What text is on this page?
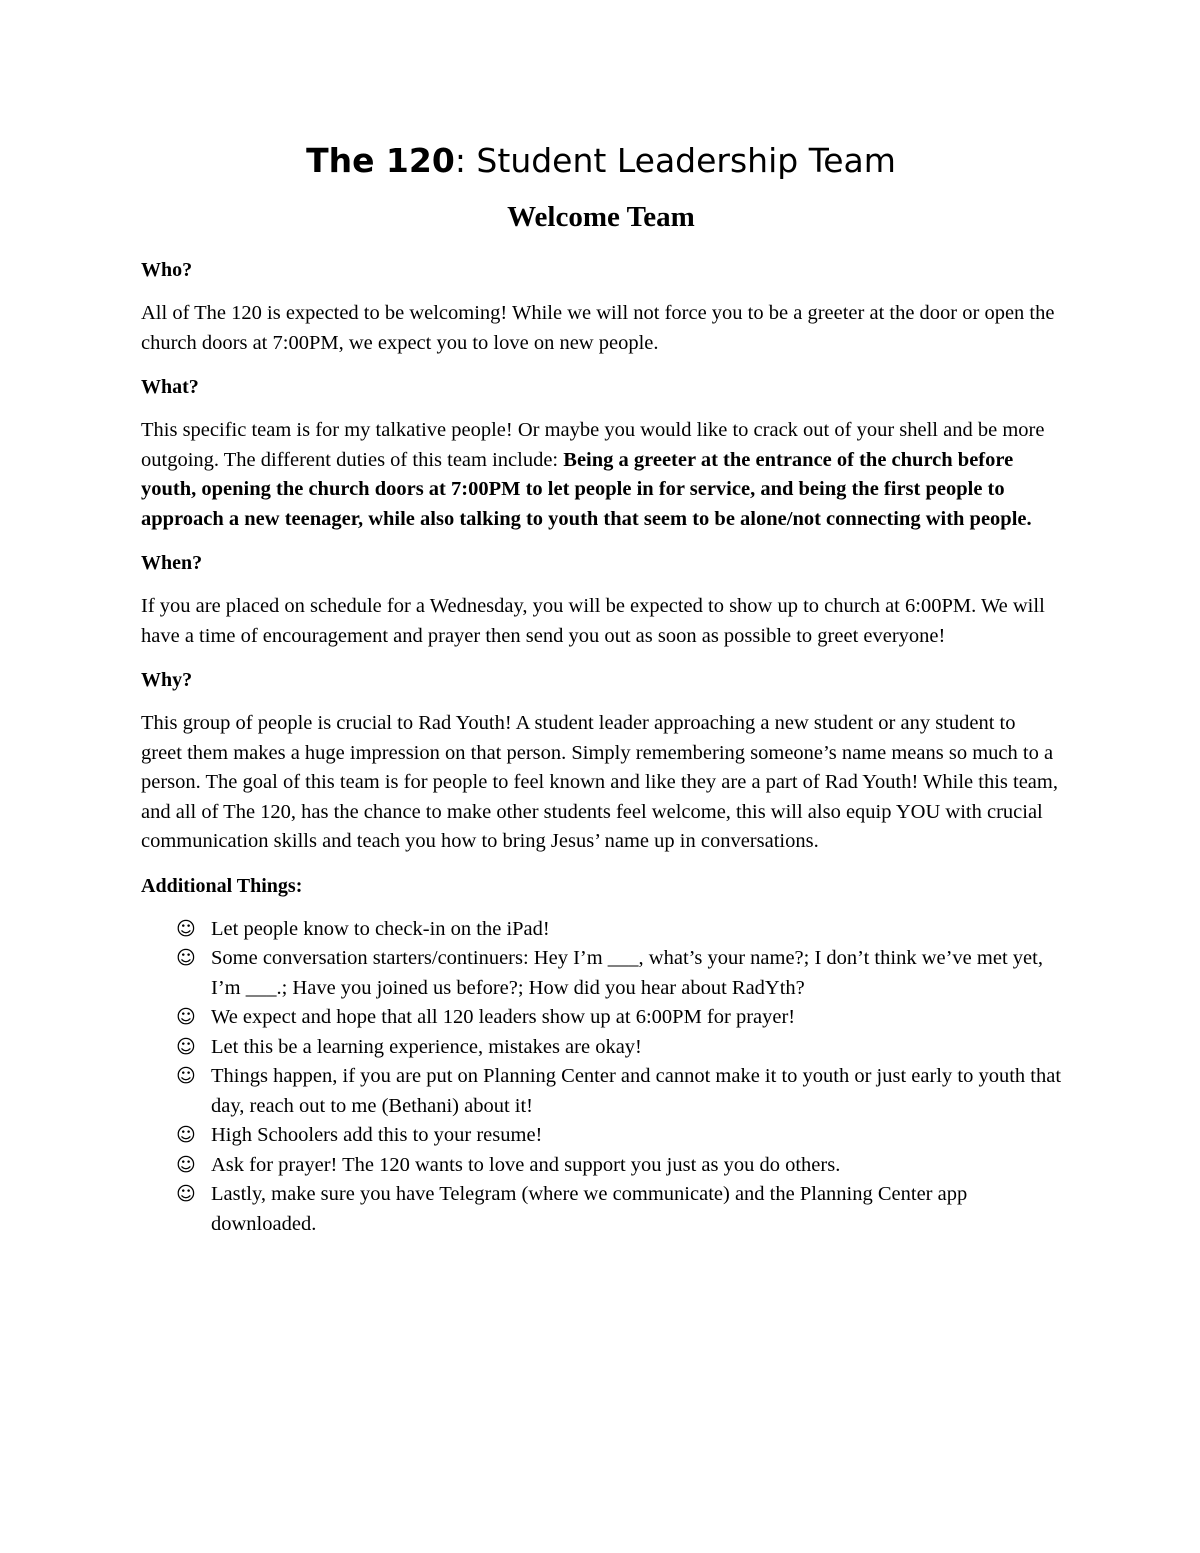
The 120: Student Leadership Team
Welcome Team
Who?

All of The 120 is expected to be welcoming! While we will not force you to be a greeter at the door or open the church doors at 7:00PM, we expect you to love on new people.

What?

This specific team is for my talkative people! Or maybe you would like to crack out of your shell and be more outgoing. The different duties of this team include: Being a greeter at the entrance of the church before youth, opening the church doors at 7:00PM to let people in for service, and being the first people to approach a new teenager, while also talking to youth that seem to be alone/not connecting with people.

When?

If you are placed on schedule for a Wednesday, you will be expected to show up to church at 6:00PM. We will have a time of encouragement and prayer then send you out as soon as possible to greet everyone!

Why?

This group of people is crucial to Rad Youth! A student leader approaching a new student or any student to greet them makes a huge impression on that person. Simply remembering someone’s name means so much to a person. The goal of this team is for people to feel known and like they are a part of Rad Youth! While this team, and all of The 120, has the chance to make other students feel welcome, this will also equip YOU with crucial communication skills and teach you how to bring Jesus’ name up in conversations.

Additional Things:
☺ Let people know to check-in on the iPad!
☺ Some conversation starters/continuers: Hey I’m ___, what’s your name?; I don’t think we’ve met yet, I’m ___.; Have you joined us before?; How did you hear about RadYth?
☺ We expect and hope that all 120 leaders show up at 6:00PM for prayer!
☺ Let this be a learning experience, mistakes are okay!
☺ Things happen, if you are put on Planning Center and cannot make it to youth or just early to youth that day, reach out to me (Bethani) about it!
☺ High Schoolers add this to your resume!
☺ Ask for prayer! The 120 wants to love and support you just as you do others.
☺ Lastly, make sure you have Telegram (where we communicate) and the Planning Center app downloaded.
